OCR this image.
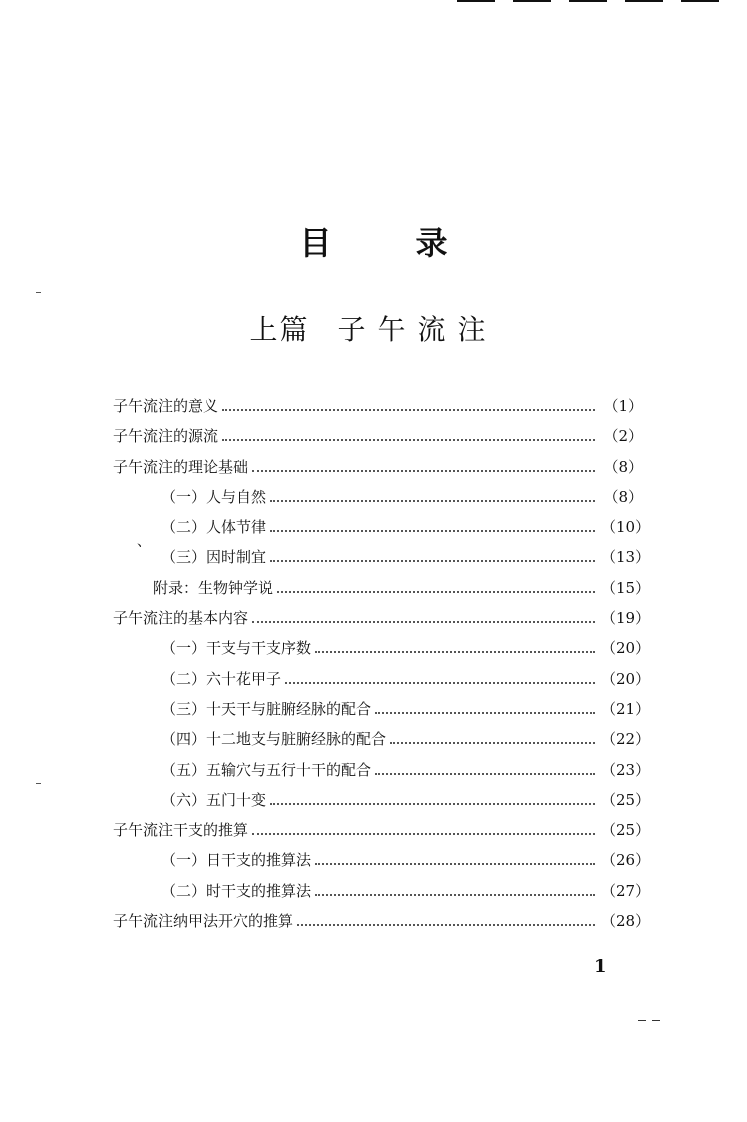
目录
上篇 子午流注
、
子午流注的意义	（1）
子午流注的源流	（2）
子午流注的理论基础	（8）
（一）人与自然	（8）
（二）人体节律	（10）
（三）因时制宜	（13）
附录：生物钟学说	（15）
子午流注的基本内容	（19）
（一）干支与干支序数	（20）
（二）六十花甲子	（20）
（三）十天干与脏腑经脉的配合	（21）
（四）十二地支与脏腑经脉的配合	（22）
（五）五输穴与五行十干的配合	（23）
（六）五门十变	（25）
子午流注干支的推算	（25）
（一）日干支的推算法	（26）
（二）时干支的推算法	（27）
子午流注纳甲法开穴的推算	（28）
1
